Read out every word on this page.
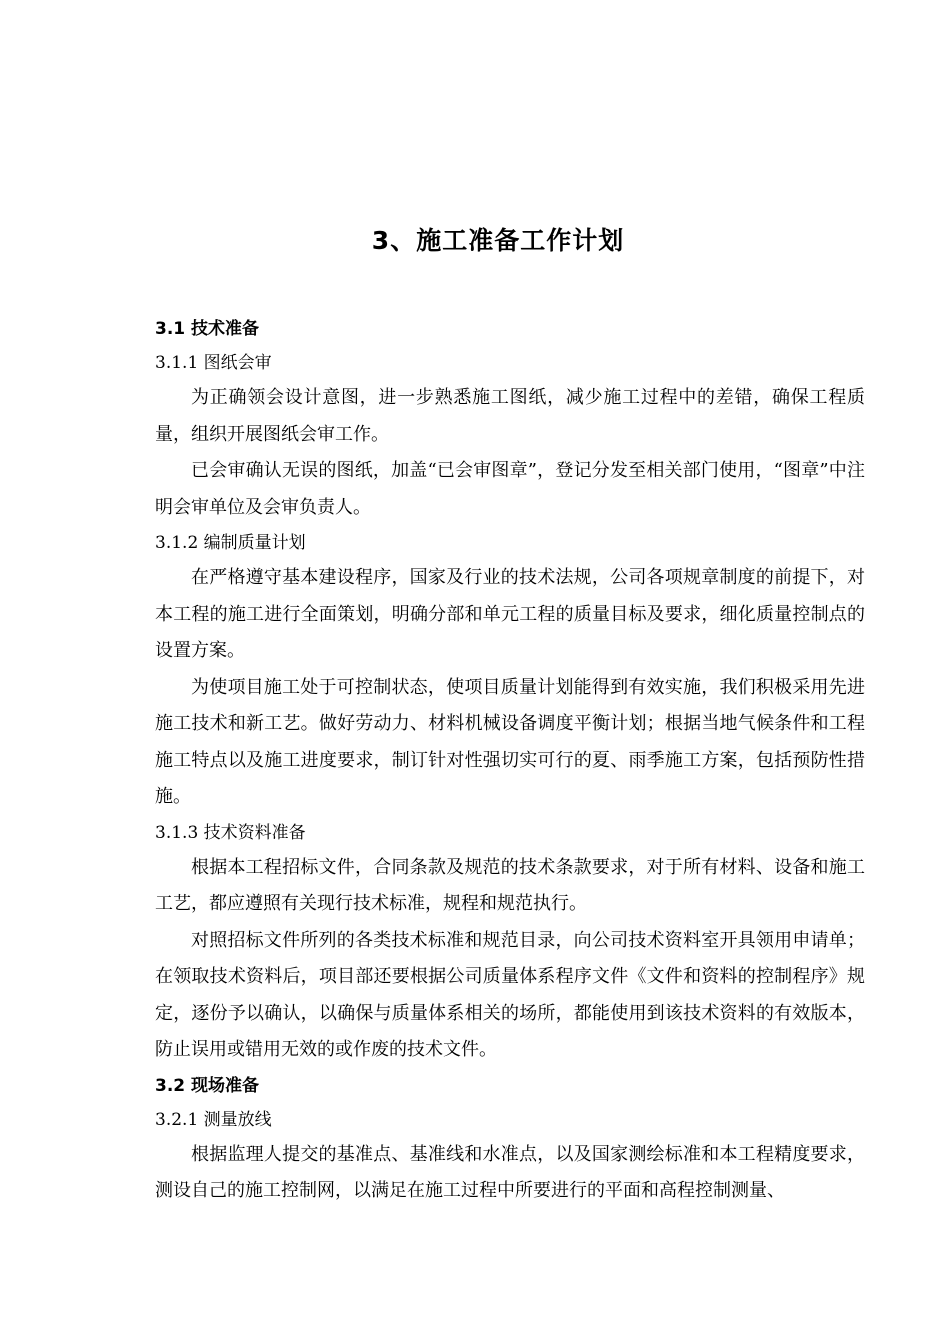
3、施工准备工作计划

3.1 技术准备

3.1.1 图纸会审

为正确领会设计意图，进一步熟悉施工图纸，减少施工过程中的差错，确保工程质量，组织开展图纸会审工作。

已会审确认无误的图纸，加盖“已会审图章”，登记分发至相关部门使用，“图章”中注明会审单位及会审负责人。

3.1.2 编制质量计划

在严格遵守基本建设程序，国家及行业的技术法规，公司各项规章制度的前提下，对本工程的施工进行全面策划，明确分部和单元工程的质量目标及要求，细化质量控制点的设置方案。

为使项目施工处于可控制状态，使项目质量计划能得到有效实施，我们积极采用先进施工技术和新工艺。做好劳动力、材料机械设备调度平衡计划；根据当地气候条件和工程施工特点以及施工进度要求，制订针对性强切实可行的夏、雨季施工方案，包括预防性措施。

3.1.3 技术资料准备

根据本工程招标文件，合同条款及规范的技术条款要求，对于所有材料、设备和施工工艺，都应遵照有关现行技术标准，规程和规范执行。

对照招标文件所列的各类技术标准和规范目录，向公司技术资料室开具领用申请单；在领取技术资料后，项目部还要根据公司质量体系程序文件《文件和资料的控制程序》规定，逐份予以确认，以确保与质量体系相关的场所，都能使用到该技术资料的有效版本，防止误用或错用无效的或作废的技术文件。

3.2 现场准备

3.2.1 测量放线

根据监理人提交的基准点、基准线和水准点，以及国家测绘标准和本工程精度要求，测设自己的施工控制网，以满足在施工过程中所要进行的平面和高程控制测量、
